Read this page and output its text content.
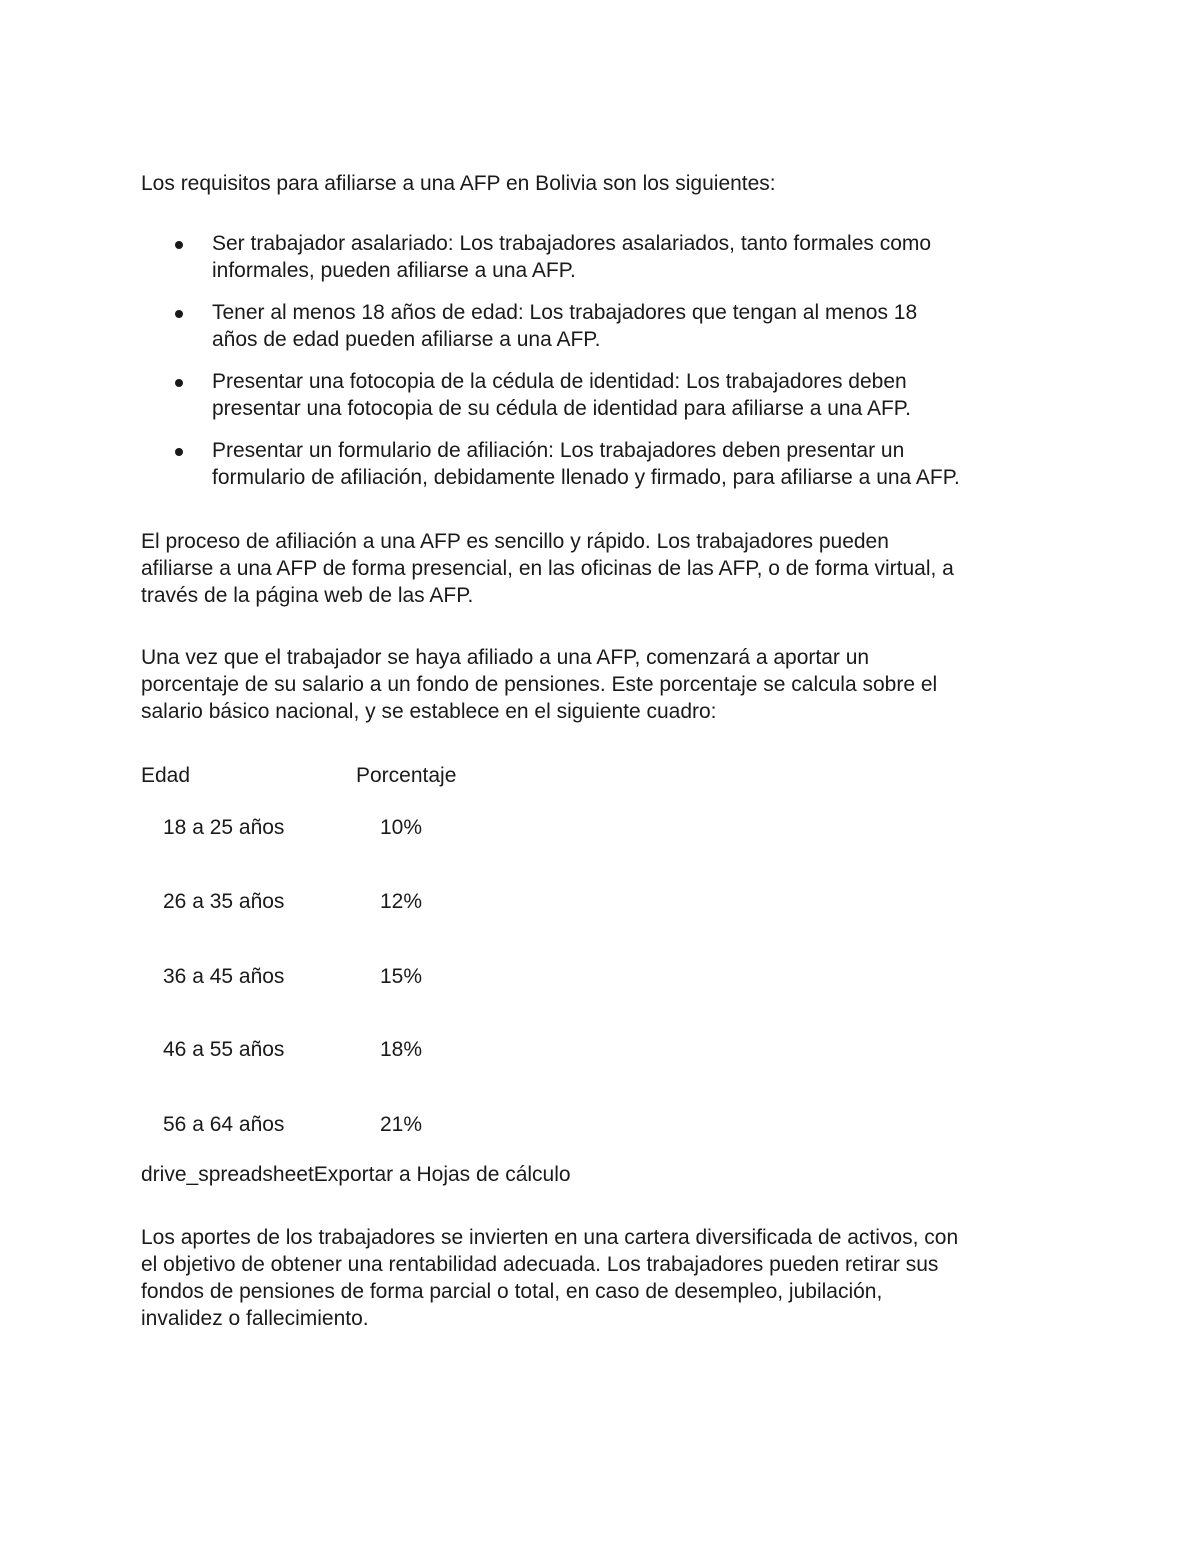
Los requisitos para afiliarse a una AFP en Bolivia son los siguientes:

Ser trabajador asalariado: Los trabajadores asalariados, tanto formales como
informales, pueden afiliarse a una AFP.
Tener al menos 18 años de edad: Los trabajadores que tengan al menos 18
años de edad pueden afiliarse a una AFP.
Presentar una fotocopia de la cédula de identidad: Los trabajadores deben
presentar una fotocopia de su cédula de identidad para afiliarse a una AFP.
Presentar un formulario de afiliación: Los trabajadores deben presentar un
formulario de afiliación, debidamente llenado y firmado, para afiliarse a una AFP.
El proceso de afiliación a una AFP es sencillo y rápido. Los trabajadores pueden
afiliarse a una AFP de forma presencial, en las oficinas de las AFP, o de forma virtual, a
través de la página web de las AFP.
Una vez que el trabajador se haya afiliado a una AFP, comenzará a aportar un
porcentaje de su salario a un fondo de pensiones. Este porcentaje se calcula sobre el
salario básico nacional, y se establece en el siguiente cuadro:
Edad	Porcentaje
18 a 25 años	10%
26 a 35 años	12%
36 a 45 años	15%
46 a 55 años	18%
56 a 64 años	21%
drive_spreadsheetExportar a Hojas de cálculo
Los aportes de los trabajadores se invierten en una cartera diversificada de activos, con
el objetivo de obtener una rentabilidad adecuada. Los trabajadores pueden retirar sus
fondos de pensiones de forma parcial o total, en caso de desempleo, jubilación,
invalidez o fallecimiento.
